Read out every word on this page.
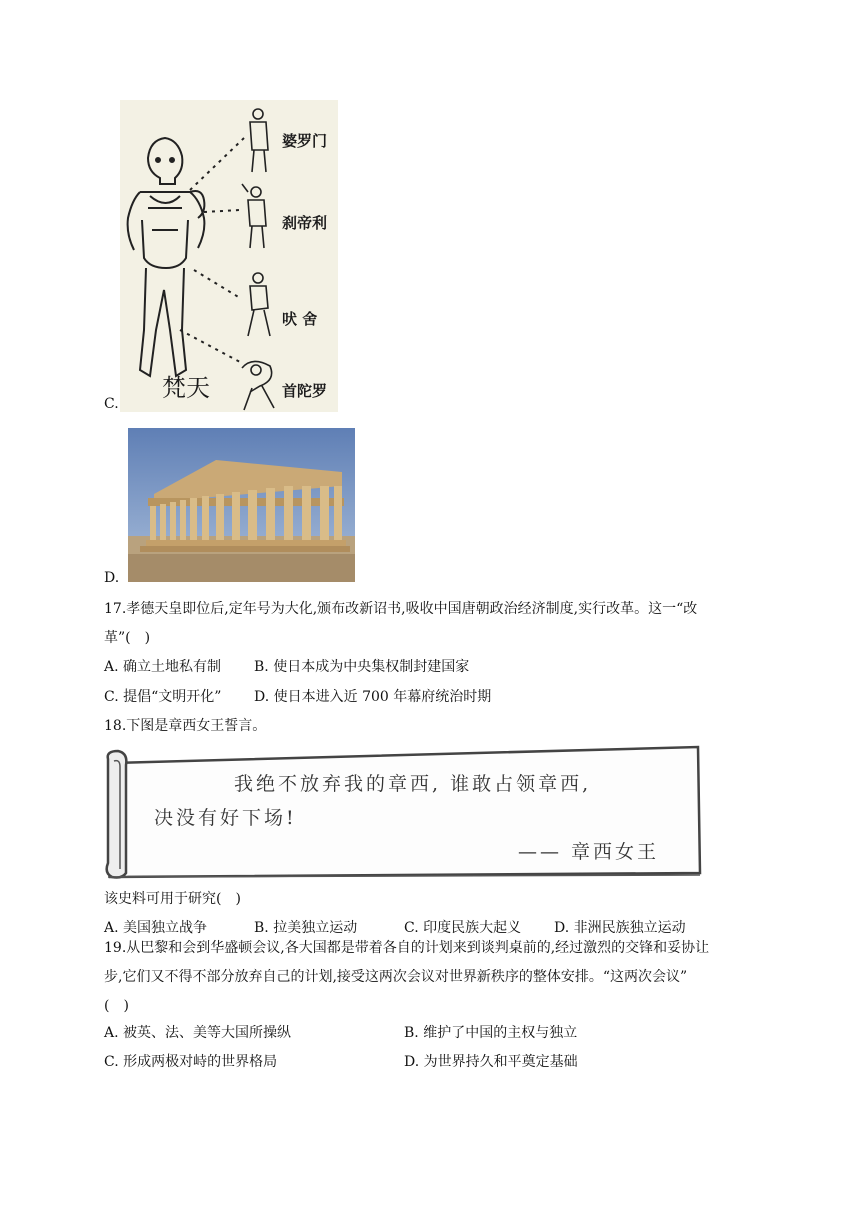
婆罗门
刹帝利
吠 舍
首陀罗
梵天
C.
D.
17.孝德天皇即位后,定年号为大化,颁布改新诏书,吸收中国唐朝政治经济制度,实行改革。这一“改
革”(　)
A. 确立土地私有制 B. 使日本成为中央集权制封建国家
C. 提倡“文明开化” D. 使日本进入近 700 年幕府统治时期
18.下图是章西女王誓言。
我绝不放弃我的章西, 谁敢占领章西,
决没有好下场!
—— 章西女王
该史料可用于研究(　)
A. 美国独立战争	B. 拉美独立运动	C. 印度民族大起义 D. 非洲民族独立运动
19.从巴黎和会到华盛顿会议,各大国都是带着各自的计划来到谈判桌前的,经过激烈的交锋和妥协让
步,它们又不得不部分放弃自己的计划,接受这两次会议对世界新秩序的整体安排。“这两次会议”
(　)
A. 被英、法、美等大国所操纵	B. 维护了中国的主权与独立
C. 形成两极对峙的世界格局	D. 为世界持久和平奠定基础
